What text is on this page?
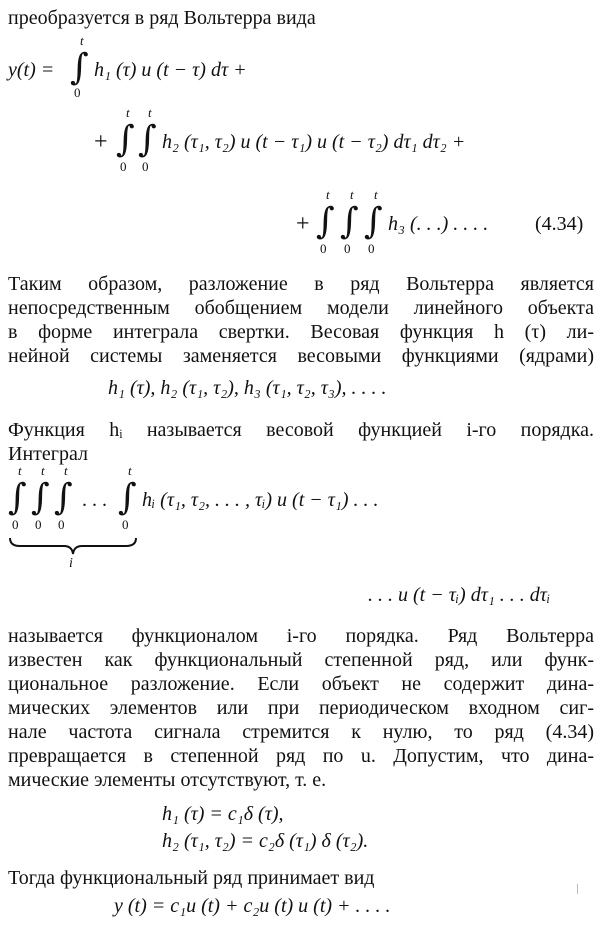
преобразуется в ряд Вольтерра вида
y(t) =
t
∫
0
h₁ (τ) u (t − τ) dτ +
+
t
∫
0
t
∫
0
h₂ (τ₁, τ₂) u (t − τ₁) u (t − τ₂) dτ₁ dτ₂ +
+
t
∫
0
t
∫
0
t
∫
0
h₃ (. . .) . . . . (4.34)
Таким образом, разложение в ряд Вольтерра является
непосредственным обобщением модели линейного объекта
в форме интеграла свертки. Весовая функция h (τ) ли-
нейной системы заменяется весовыми функциями (ядрами)
h₁ (τ), h₂ (τ₁, τ₂), h₃ (τ₁, τ₂, τ₃), . . . .
Функция hᵢ называется весовой функцией i-го порядка.
Интеграл
t
∫
0
t
∫
0
t
∫
0
. . .
t
∫
0
hᵢ (τ₁, τ₂, . . . , τᵢ) u (t − τ₁) . . .
i
. . . u (t − τᵢ) dτ₁ . . . dτᵢ
называется функционалом i-го порядка. Ряд Вольтерра
известен как функциональный степенной ряд, или функ-
циональное разложение. Если объект не содержит дина-
мических элементов или при периодическом входном сиг-
нале частота сигнала стремится к нулю, то ряд (4.34)
превращается в степенной ряд по u. Допустим, что дина-
мические элементы отсутствуют, т. е.
h₁ (τ) = c₁δ (τ),
h₂ (τ₁, τ₂) = c₂δ (τ₁) δ (τ₂).
Тогда функциональный ряд принимает вид
y (t) = c₁u (t) + c₂u (t) u (t) + . . . .
